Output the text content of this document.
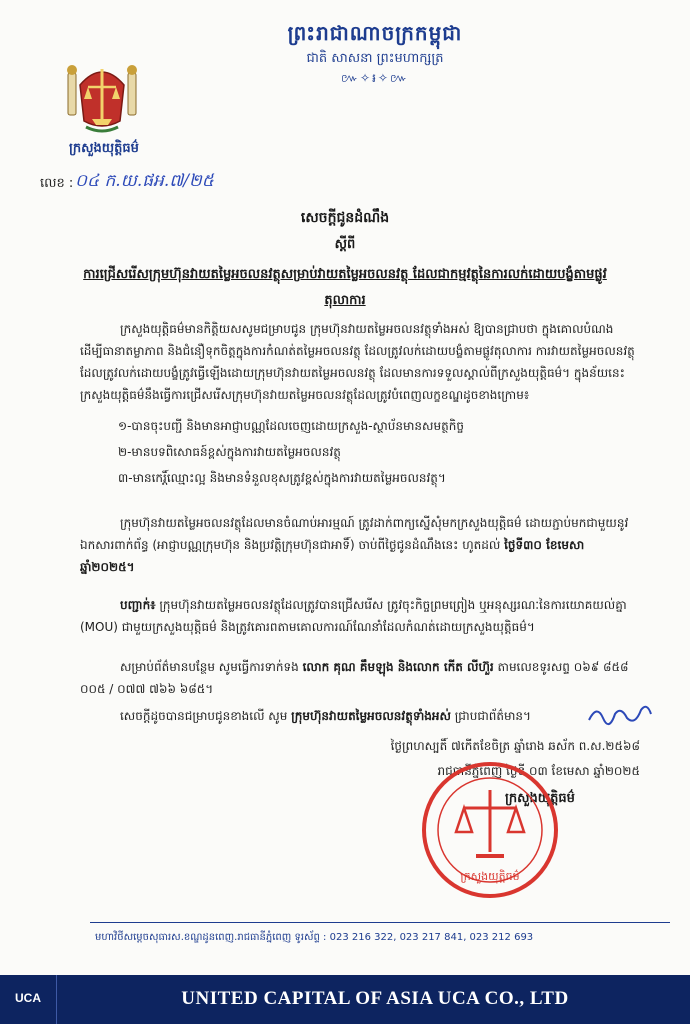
ព្រះរាជាណាចក្រកម្ពុជា
ជាតិ សាសនា ព្រះមហាក្សត្រ
៚✧៛✧៚
ក្រសួងយុត្តិធម៌
លេខ : ០៤ ក.យ.ផអ.៧/២៥
សេចក្តីជូនដំណឹង
ស្តីពី
ការជ្រើសរើសក្រុមហ៊ុនវាយតម្លៃអចលនវត្ថុសម្រាប់វាយតម្លៃអចលនវត្ថុ ដែលជាកម្មវត្ថុនៃការលក់ដោយបង្ខំតាមផ្លូវតុលាការ
ក្រសួងយុត្តិធម៌មានកិត្តិយសសូមជម្រាបជូន ក្រុមហ៊ុនវាយតម្លៃអចលនវត្ថុទាំងអស់ ឱ្យបានជ្រាបថា ក្នុងគោលបំណងដើម្បីធានាតម្លាភាព និងជំនឿទុកចិត្តក្នុងការកំណត់តម្លៃអចលនវត្ថុ ដែលត្រូវលក់ដោយបង្ខំតាមផ្លូវតុលាការ ការវាយតម្លៃអចលនវត្ថុដែលត្រូវលក់ដោយបង្ខំត្រូវធ្វើឡើងដោយក្រុមហ៊ុនវាយតម្លៃអចលនវត្ថុ ដែលមានការទទួលស្គាល់ពីក្រសួងយុត្តិធម៌។ ក្នុងន័យនេះ ក្រសួងយុត្តិធម៌នឹងធ្វើការជ្រើសរើសក្រុមហ៊ុនវាយតម្លៃអចលនវត្ថុដែលត្រូវបំពេញលក្ខខណ្ឌដូចខាងក្រោម៖
១-បានចុះបញ្ជី និងមានអាជ្ញាបណ្ណដែលចេញដោយក្រសួង-ស្ថាប័នមានសមត្ថកិច្ច
២-មានបទពិសោធន៍ខ្ពស់ក្នុងការវាយតម្លៃអចលនវត្ថុ
៣-មានកេរ្តិ៍ឈ្មោះល្អ និងមានទំនួលខុសត្រូវខ្ពស់ក្នុងការវាយតម្លៃអចលនវត្ថុ។
ក្រុមហ៊ុនវាយតម្លៃអចលនវត្ថុដែលមានចំណាប់អារម្មណ៍ ត្រូវដាក់ពាក្យស្នើសុំមកក្រសួងយុត្តិធម៌ ដោយភ្ជាប់មកជាមួយនូវឯកសារពាក់ព័ន្ធ (អាជ្ញាបណ្ណក្រុមហ៊ុន និងប្រវត្តិក្រុមហ៊ុនជាអាទិ៍) ចាប់ពីថ្ងៃជូនដំណឹងនេះ ហូតដល់ ថ្ងៃទី៣០ ខែមេសា ឆ្នាំ២០២៥។
បញ្ជាក់៖ ក្រុមហ៊ុនវាយតម្លៃអចលនវត្ថុដែលត្រូវបានជ្រើសរើស ត្រូវចុះកិច្ចព្រមព្រៀង ឬអនុស្សរណៈនៃការយោគយល់គ្នា (MOU) ជាមួយក្រសួងយុត្តិធម៌ និងត្រូវគោរពតាមគោលការណ៍ណែនាំដែលកំណត់ដោយក្រសួងយុត្តិធម៌។
សម្រាប់ព័ត៌មានបន្ថែម សូមធ្វើការទាក់ទង លោក គុណ គឹមឡុង និងលោក កើត លីហ៊ួរ តាមលេខទូរសព្ទ ០៦៩ ៨៥៨ ០០៥ / ០៧៧ ៧៦៦ ៦៨៥។
សេចក្តីដូចបានជម្រាបជូនខាងលើ សូម ក្រុមហ៊ុនវាយតម្លៃអចលនវត្ថុទាំងអស់ ជ្រាបជាព័ត៌មាន។
ថ្ងៃព្រហស្បតិ៍ ៧កើតខែចិត្រ ឆ្នាំរោង ឆស័ក ព.ស.២៥៦៨
រាជធានីភ្នំពេញ ថ្ងៃទី ០៣ ខែមេសា ឆ្នាំ២០២៥
ក្រសួងយុត្តិធម៌
ក្រសួងយុត្តិធម៌
មហាវិថីសម្តេចសុធារស.ខណ្ឌដូនពេញ.រាជធានីភ្នំពេញ ទូរស័ព្ទ : 023 216 322, 023 217 841, 023 212 693
UCA	UNITED CAPITAL OF ASIA UCA CO., LTD
